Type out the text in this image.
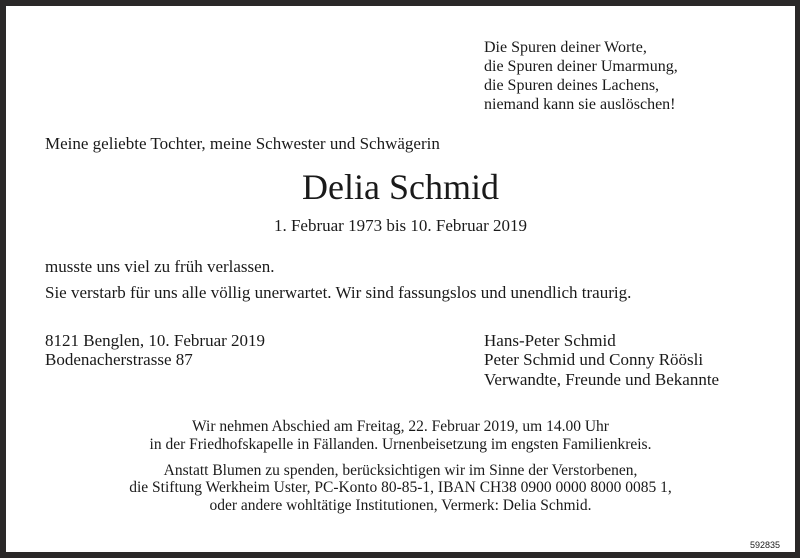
Die Spuren deiner Worte,
die Spuren deiner Umarmung,
die Spuren deines Lachens,
niemand kann sie auslöschen!
Meine geliebte Tochter, meine Schwester und Schwägerin
Delia Schmid
1. Februar 1973 bis 10. Februar 2019
musste uns viel zu früh verlassen.
Sie verstarb für uns alle völlig unerwartet. Wir sind fassungslos und unendlich traurig.
8121 Benglen, 10. Februar 2019
Bodenacherstrasse 87
Hans-Peter Schmid
Peter Schmid und Conny Röösli
Verwandte, Freunde und Bekannte
Wir nehmen Abschied am Freitag, 22. Februar 2019, um 14.00 Uhr
in der Friedhofskapelle in Fällanden. Urnenbeisetzung im engsten Familienkreis.
Anstatt Blumen zu spenden, berücksichtigen wir im Sinne der Verstorbenen,
die Stiftung Werkheim Uster, PC-Konto 80-85-1, IBAN CH38 0900 0000 8000 0085 1,
oder andere wohltätige Institutionen, Vermerk: Delia Schmid.
592835
